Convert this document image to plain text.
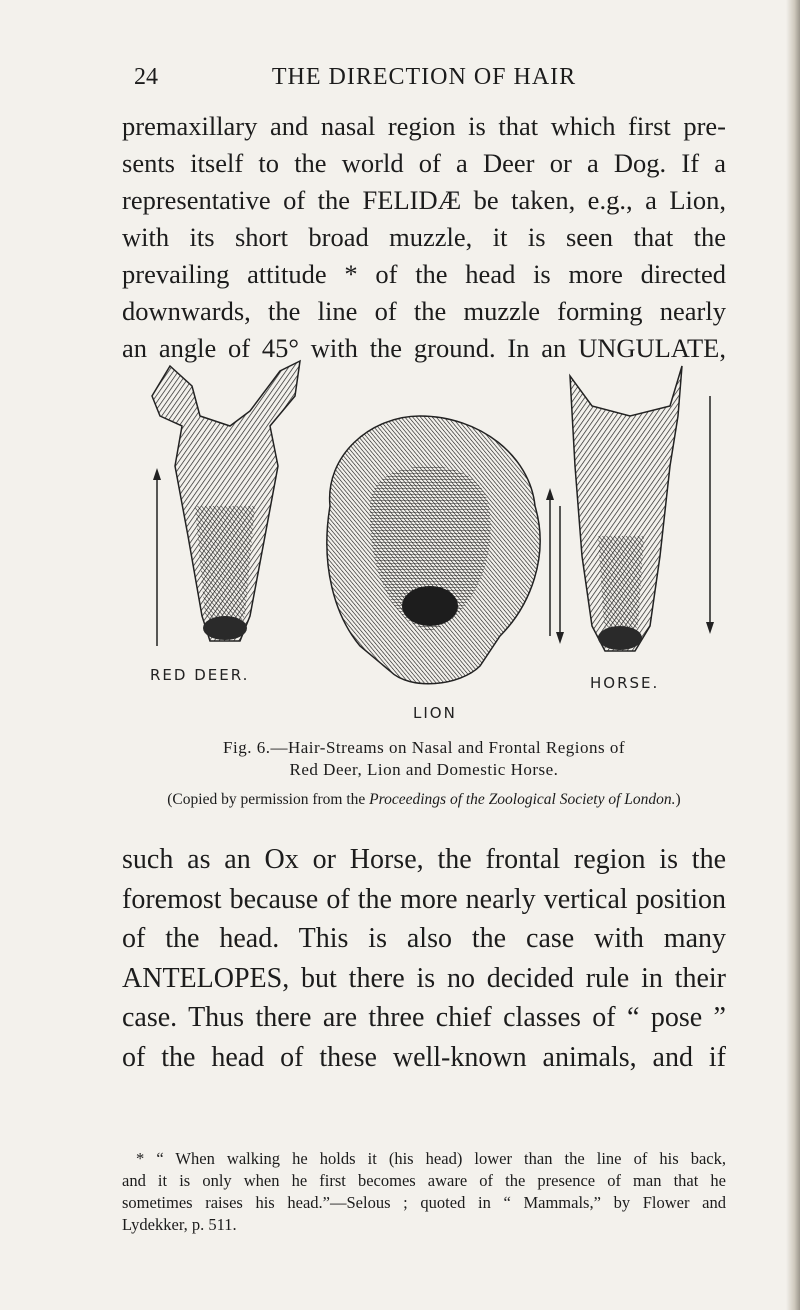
24	THE DIRECTION OF HAIR
premaxillary and nasal region is that which first pre-
sents itself to the world of a Deer or a Dog. If a
representative of the FELIDÆ be taken, e.g., a Lion,
with its short broad muzzle, it is seen that the
prevailing attitude * of the head is more directed
downwards, the line of the muzzle forming nearly
an angle of 45° with the ground. In an UNGULATE,
RED DEER.
LION
HORSE.
Fig. 6.—Hair-Streams on Nasal and Frontal Regions of
Red Deer, Lion and Domestic Horse.
(Copied by permission from the Proceedings of the Zoological Society of London.)
such as an Ox or Horse, the frontal region is the
foremost because of the more nearly vertical position
of the head. This is also the case with many
ANTELOPES, but there is no decided rule in their
case. Thus there are three chief classes of “ pose ”
of the head of these well-known animals, and if
* “ When walking he holds it (his head) lower than the line of his back,
and it is only when he first becomes aware of the presence of man that he
sometimes raises his head.”—Selous ; quoted in “ Mammals,” by Flower and
Lydekker, p. 511.
